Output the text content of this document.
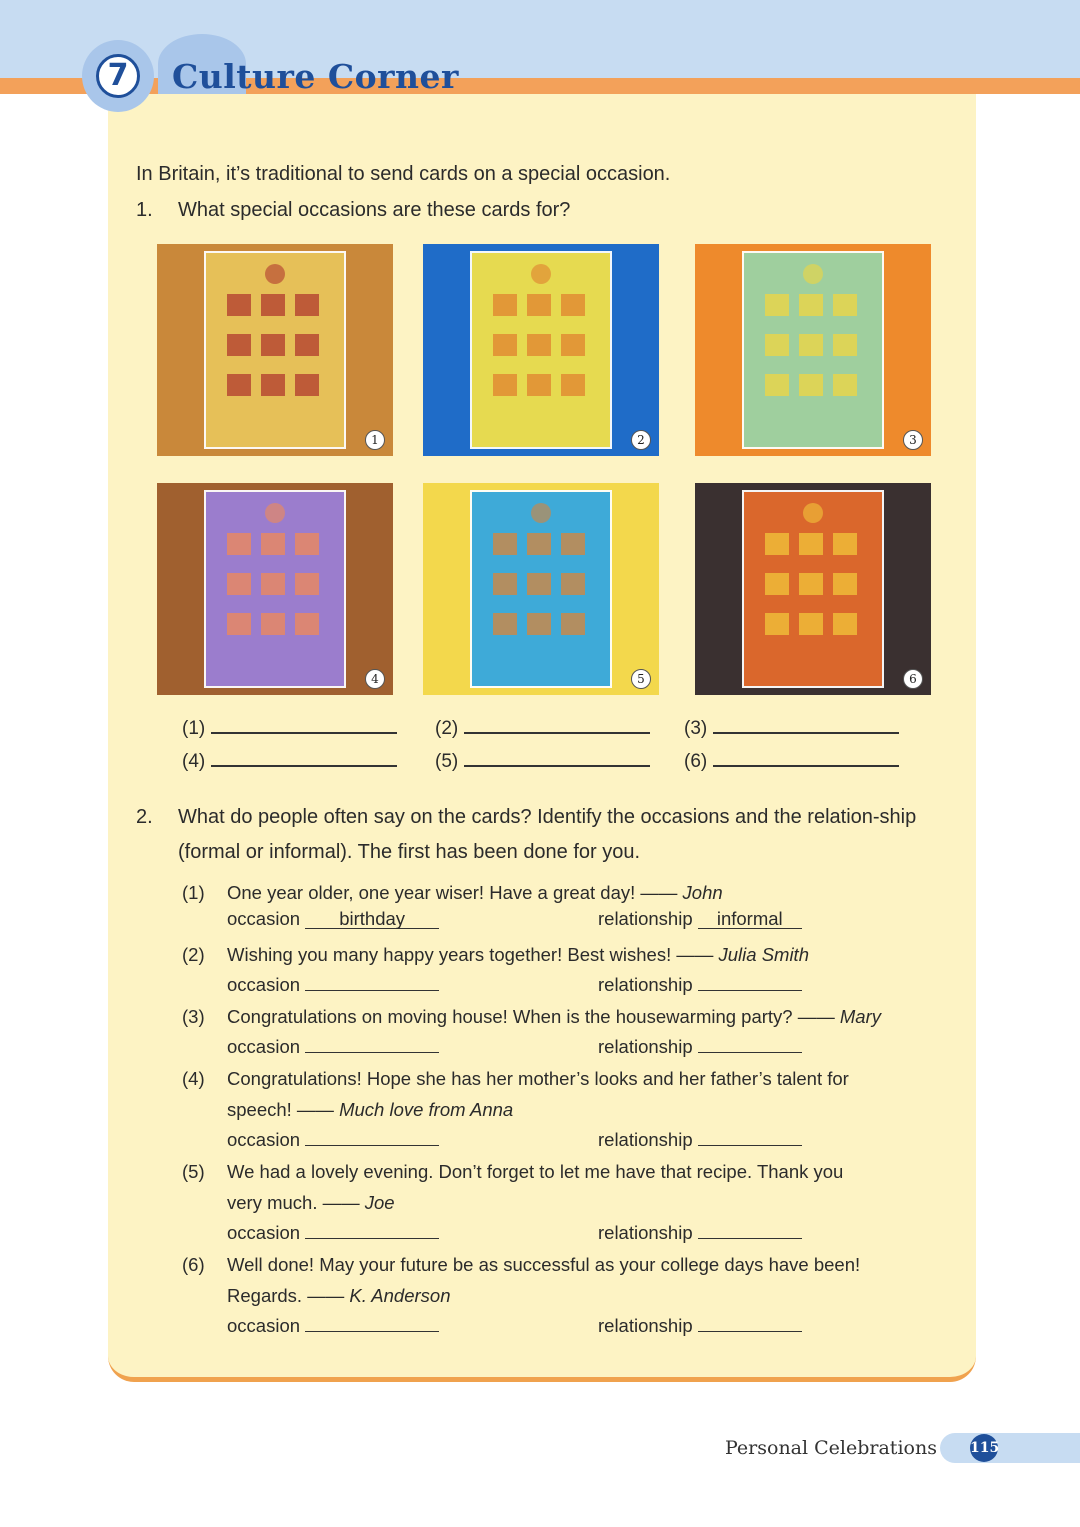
7	Culture Corner
In Britain, it’s traditional to send cards on a special occasion.
1. What special occasions are these cards for?
1	2	3
4	5	6
(1)	(2)	(3)
(4)	(5)	(6)
2. What do people often say on the cards? Identify the occasions and the relation-ship (formal or informal). The first has been done for you.
(1) One year older, one year wiser! Have a great day! —— John
occasion birthday	relationship informal
(2) Wishing you many happy years together! Best wishes! —— Julia Smith
occasion	relationship
(3) Congratulations on moving house! When is the housewarming party? —— Mary
occasion	relationship
(4) Congratulations! Hope she has her mother’s looks and her father’s talent for
speech! —— Much love from Anna
occasion	relationship
(5) We had a lovely evening. Don’t forget to let me have that recipe. Thank you
very much. —— Joe
occasion	relationship
(6) Well done! May your future be as successful as your college days have been!
Regards. —— K. Anderson
occasion	relationship
Personal Celebrations 115
